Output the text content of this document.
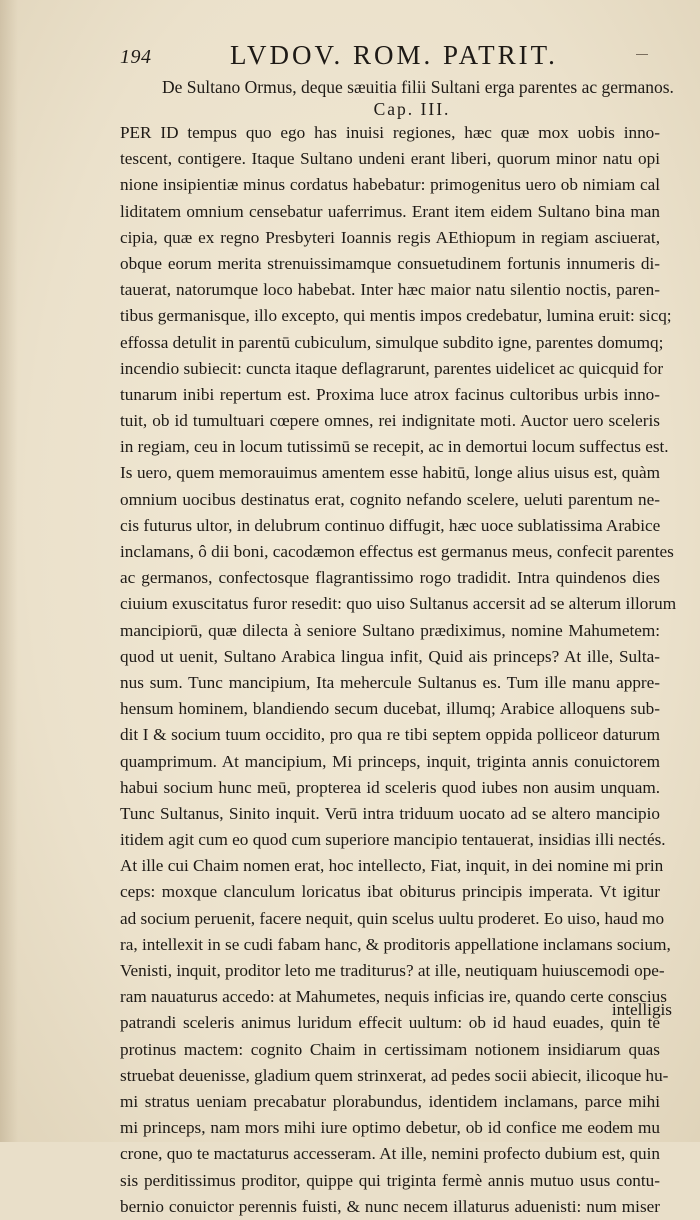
194	LVDOV. ROM. PATRIT.
De Sultano Ormus, deque sæuitia filii Sultani erga parentes ac germanos.
Cap. III.
PER ID tempus quo ego has inuisi regiones, hæc quæ mox uobis inno-
tescent, contigere. Itaque Sultano undeni erant liberi, quorum minor natu opi
nione insipientiæ minus cordatus habebatur: primogenitus uero ob nimiam cal
liditatem omnium censebatur uaferrimus. Erant item eidem Sultano bina man
cipia, quæ ex regno Presbyteri Ioannis regis AEthiopum in regiam asciuerat,
obque eorum merita strenuissimamque consuetudinem fortunis innumeris di-
tauerat, natorumque loco habebat. Inter hæc maior natu silentio noctis, paren-
tibus germanisque, illo excepto, qui mentis impos credebatur, lumina eruit: sicq;
effossa detulit in parentū cubiculum, simulque subdito igne, parentes domumq;
incendio subiecit: cuncta itaque deflagrarunt, parentes uidelicet ac quicquid for
tunarum inibi repertum est. Proxima luce atrox facinus cultoribus urbis inno-
tuit, ob id tumultuari cœpere omnes, rei indignitate moti. Auctor uero sceleris
in regiam, ceu in locum tutissimū se recepit, ac in demortui locum suffectus est.
Is uero, quem memorauimus amentem esse habitū, longe alius uisus est, quàm
omnium uocibus destinatus erat, cognito nefando scelere, ueluti parentum ne-
cis futurus ultor, in delubrum continuo diffugit, hæc uoce sublatissima Arabice
inclamans, ô dii boni, cacodæmon effectus est germanus meus, confecit parentes
ac germanos, confectosque flagrantissimo rogo tradidit. Intra quindenos dies
ciuium exuscitatus furor resedit: quo uiso Sultanus accersit ad se alterum illorum
mancipiorū, quæ dilecta à seniore Sultano prædiximus, nomine Mahumetem:
quod ut uenit, Sultano Arabica lingua infit, Quid ais princeps? At ille, Sulta-
nus sum. Tunc mancipium, Ita mehercule Sultanus es. Tum ille manu appre-
hensum hominem, blandiendo secum ducebat, illumq; Arabice alloquens sub-
dit I & socium tuum occidito, pro qua re tibi septem oppida polliceor daturum
quamprimum. At mancipium, Mi princeps, inquit, triginta annis conuictorem
habui socium hunc meū, propterea id sceleris quod iubes non ausim unquam.
Tunc Sultanus, Sinito inquit. Verū intra triduum uocato ad se altero mancipio
itidem agit cum eo quod cum superiore mancipio tentauerat, insidias illi nectés.
At ille cui Chaim nomen erat, hoc intellecto, Fiat, inquit, in dei nomine mi prin
ceps: moxque clanculum loricatus ibat obiturus principis imperata. Vt igitur
ad socium peruenit, facere nequit, quin scelus uultu proderet. Eo uiso, haud mo
ra, intellexit in se cudi fabam hanc, & proditoris appellatione inclamans socium,
Venisti, inquit, proditor leto me traditurus? at ille, neutiquam huiuscemodi ope-
ram nauaturus accedo: at Mahumetes, nequis inficias ire, quando certe conscius
patrandi sceleris animus luridum effecit uultum: ob id haud euades, quin te
protinus mactem: cognito Chaim in certissimam notionem insidiarum quas
struebat deuenisse, gladium quem strinxerat, ad pedes socii abiecit, ilicoque hu-
mi stratus ueniam precabatur plorabundus, identidem inclamans, parce mihi
mi princeps, nam mors mihi iure optimo debetur, ob id confice me eodem mu
crone, quo te mactaturus accesseram. At ille, nemini profecto dubium est, quin
sis perditissimus proditor, quippe qui triginta fermè annis mutuo usus contu-
bernio conuictor perennis fuisti, & nunc necem illaturus aduenisti: num miser
intelligis
